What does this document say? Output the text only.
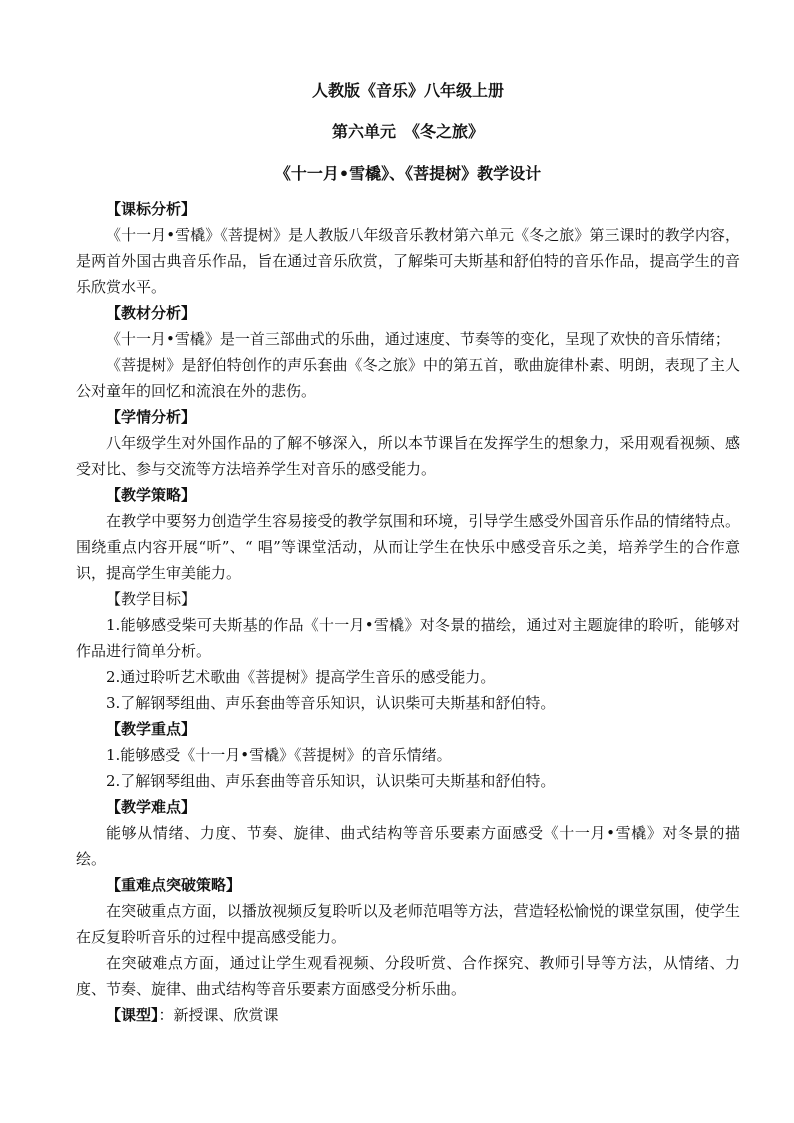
人教版《音乐》八年级上册
第六单元　《冬之旅》
《十一月•雪橇》、《菩提树》教学设计

【课标分析】

《十一月•雪橇》《菩提树》是人教版八年级音乐教材第六单元《冬之旅》第三课时的教学内容，是两首外国古典音乐作品，旨在通过音乐欣赏，了解柴可夫斯基和舒伯特的音乐作品，提高学生的音乐欣赏水平。

【教材分析】

《十一月•雪橇》是一首三部曲式的乐曲，通过速度、节奏等的变化，呈现了欢快的音乐情绪；

《菩提树》是舒伯特创作的声乐套曲《冬之旅》中的第五首，歌曲旋律朴素、明朗，表现了主人公对童年的回忆和流浪在外的悲伤。

【学情分析】

八年级学生对外国作品的了解不够深入，所以本节课旨在发挥学生的想象力，采用观看视频、感受对比、参与交流等方法培养学生对音乐的感受能力。

【教学策略】

在教学中要努力创造学生容易接受的教学氛围和环境，引导学生感受外国音乐作品的情绪特点。围绕重点内容开展“听”、“ 唱”等课堂活动，从而让学生在快乐中感受音乐之美，培养学生的合作意识，提高学生审美能力。

【教学目标】

1.能够感受柴可夫斯基的作品《十一月•雪橇》对冬景的描绘，通过对主题旋律的聆听，能够对作品进行简单分析。

2.通过聆听艺术歌曲《菩提树》提高学生音乐的感受能力。

3.了解钢琴组曲、声乐套曲等音乐知识，认识柴可夫斯基和舒伯特。

【教学重点】

1.能够感受《十一月•雪橇》《菩提树》的音乐情绪。

2.了解钢琴组曲、声乐套曲等音乐知识，认识柴可夫斯基和舒伯特。

【教学难点】

能够从情绪、力度、节奏、旋律、曲式结构等音乐要素方面感受《十一月•雪橇》对冬景的描绘。

【重难点突破策略】

在突破重点方面，以播放视频反复聆听以及老师范唱等方法，营造轻松愉悦的课堂氛围，使学生在反复聆听音乐的过程中提高感受能力。

在突破难点方面，通过让学生观看视频、分段听赏、合作探究、教师引导等方法，从情绪、力度、节奏、旋律、曲式结构等音乐要素方面感受分析乐曲。

【课型】：新授课、欣赏课
